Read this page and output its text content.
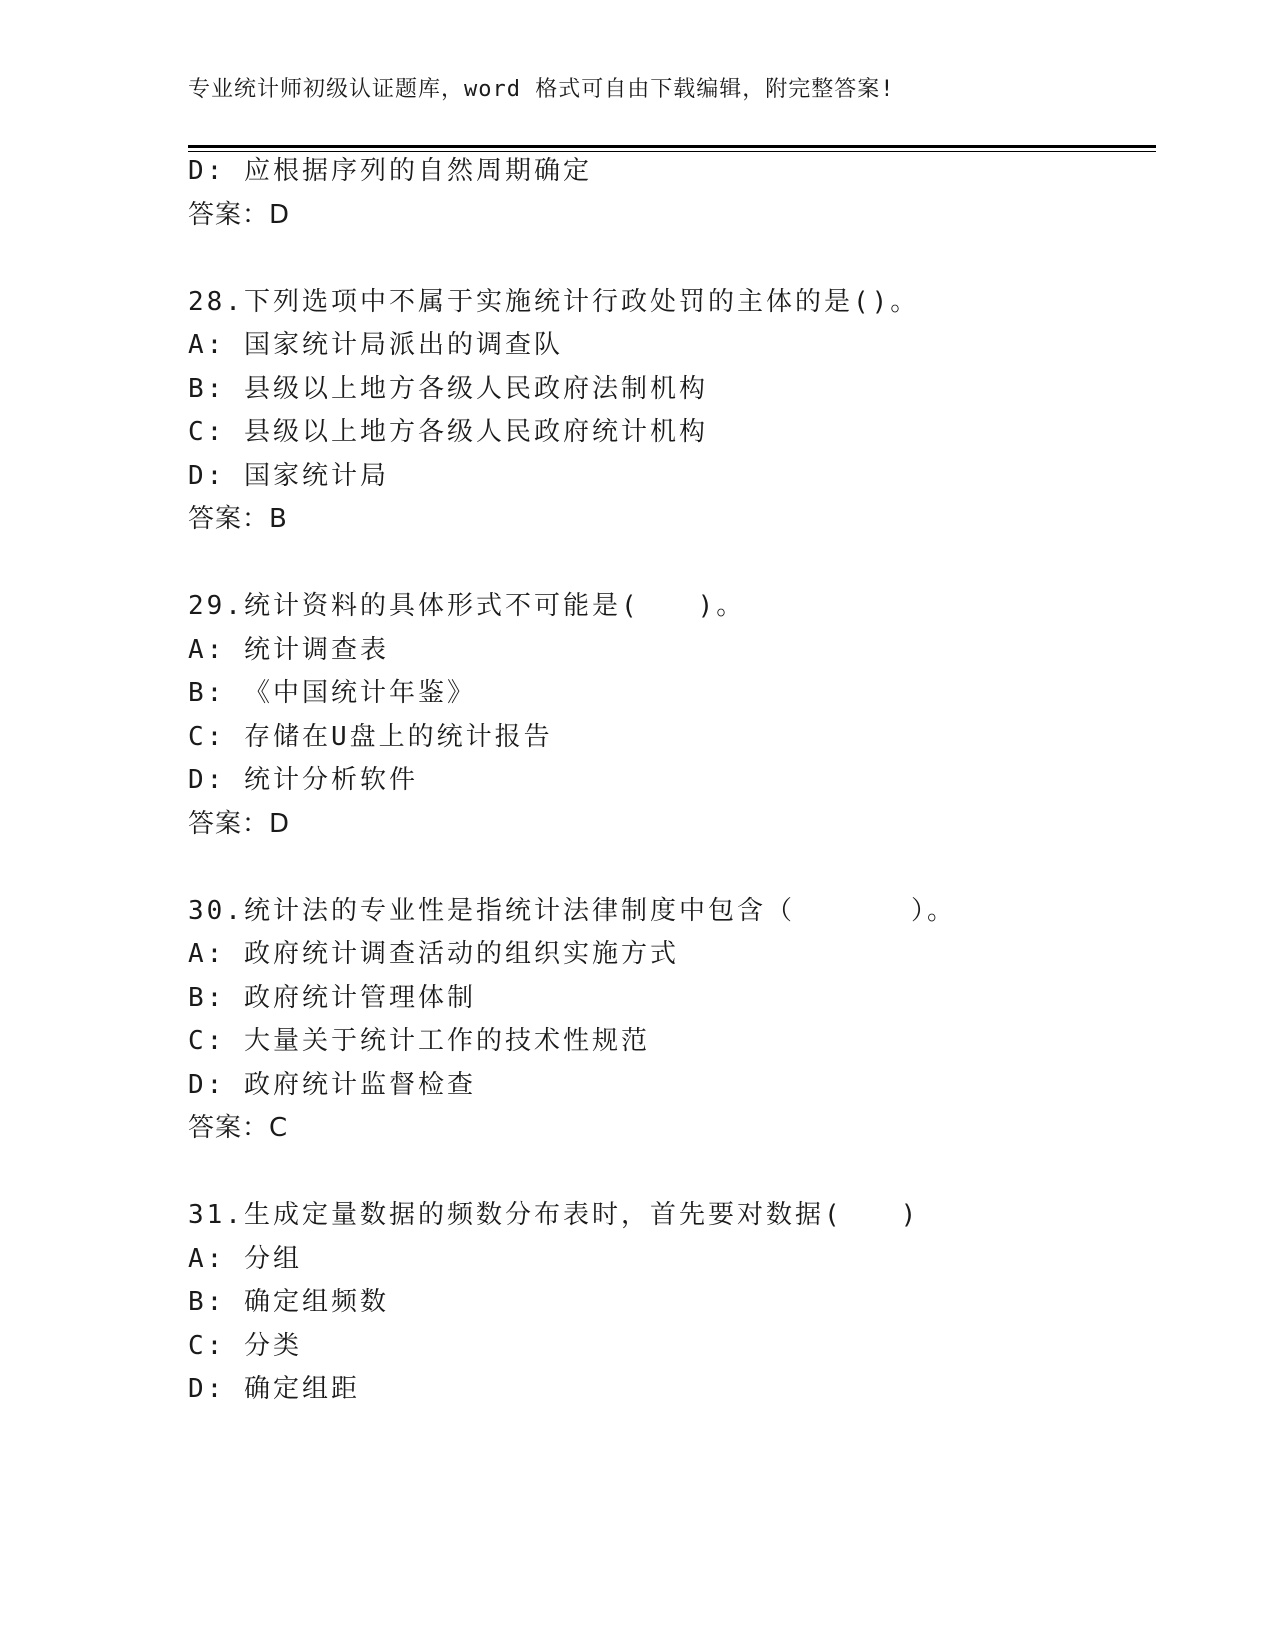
专业统计师初级认证题库，word 格式可自由下载编辑，附完整答案!
D: 应根据序列的自然周期确定
答案：D
28.下列选项中不属于实施统计行政处罚的主体的是()。
A: 国家统计局派出的调查队
B: 县级以上地方各级人民政府法制机构
C: 县级以上地方各级人民政府统计机构
D: 国家统计局
答案：B
29.统计资料的具体形式不可能是(　　)。
A: 统计调查表
B: 《中国统计年鉴》
C: 存储在U盘上的统计报告
D: 统计分析软件
答案：D
30.统计法的专业性是指统计法律制度中包含（　　　　）。
A: 政府统计调查活动的组织实施方式
B: 政府统计管理体制
C: 大量关于统计工作的技术性规范
D: 政府统计监督检查
答案：C
31.生成定量数据的频数分布表时，首先要对数据(　　)
A: 分组
B: 确定组频数
C: 分类
D: 确定组距
